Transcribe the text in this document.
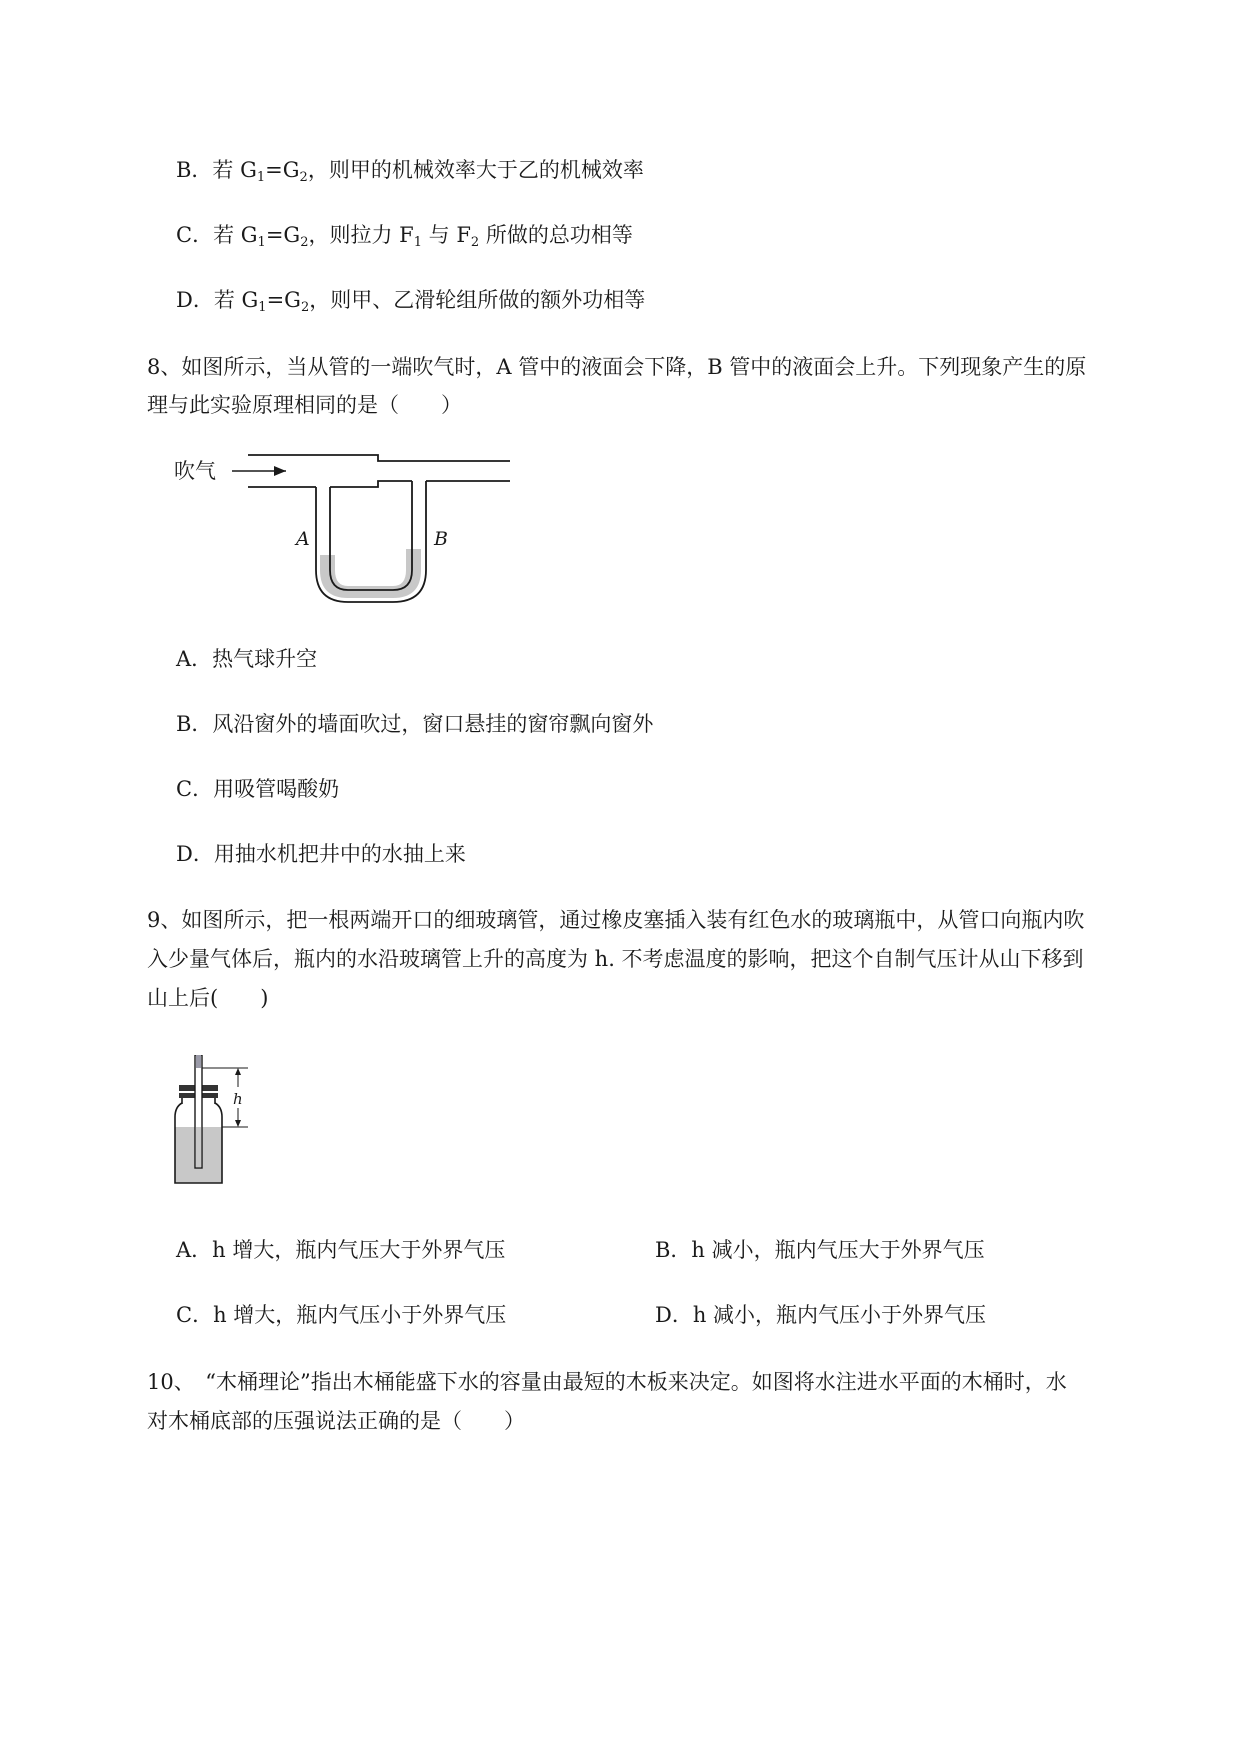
B．若 $G_1=G_2$，则甲的机械效率大于乙的机械效率
C．若 $G_1=G_2$，则拉力 $F_1$ 与 $F_2$ 所做的总功相等
D．若 $G_1=G_2$，则甲、乙滑轮组所做的额外功相等
8、如图所示，当从管的一端吹气时，A 管中的液面会下降，B 管中的液面会上升。下列现象产生的原
理与此实验原理相同的是（　　）
吹气
A	B
A．热气球升空
B．风沿窗外的墙面吹过，窗口悬挂的窗帘飘向窗外
C．用吸管喝酸奶
D．用抽水机把井中的水抽上来
9、如图所示，把一根两端开口的细玻璃管，通过橡皮塞插入装有红色水的玻璃瓶中，从管口向瓶内吹
入少量气体后，瓶内的水沿玻璃管上升的高度为 h. 不考虑温度的影响，把这个自制气压计从山下移到
山上后(　　)
h
A．h 增大，瓶内气压大于外界气压	B．h 减小，瓶内气压大于外界气压
C．h 增大，瓶内气压小于外界气压	D．h 减小，瓶内气压小于外界气压
10、　“木桶理论”指出木桶能盛下水的容量由最短的木板来决定。如图将水注进水平面的木桶时，水
对木桶底部的压强说法正确的是（　　）
